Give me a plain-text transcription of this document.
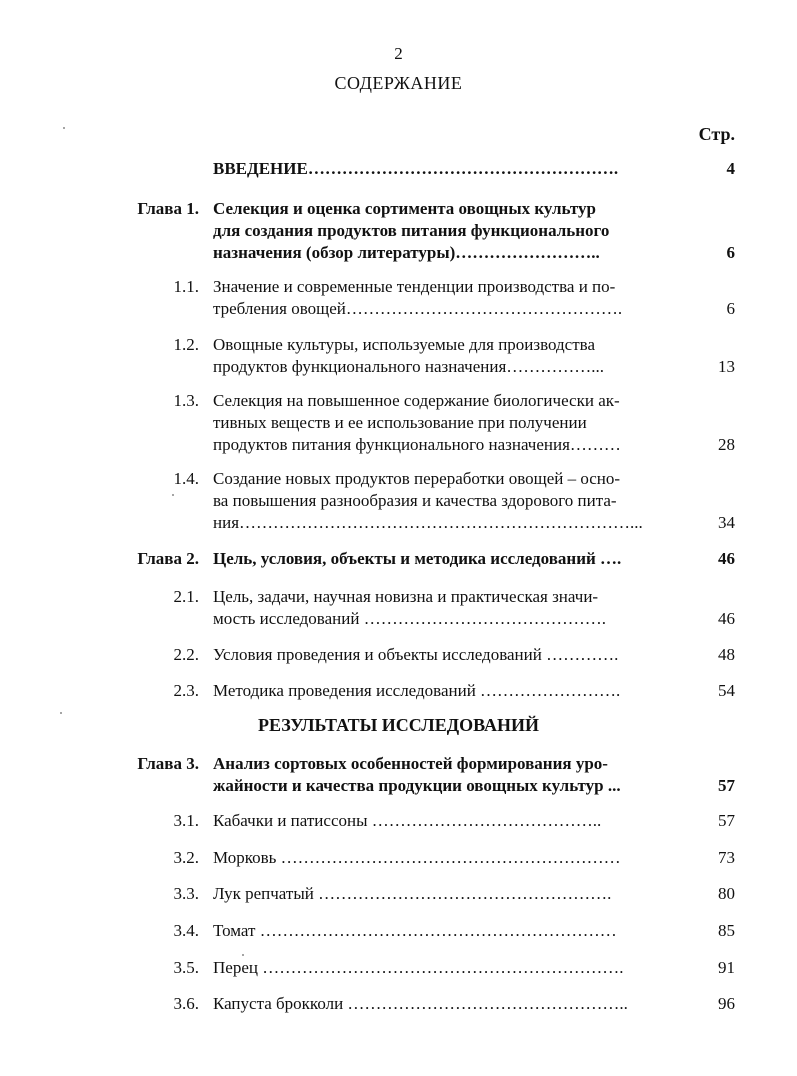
2
СОДЕРЖАНИЕ
Стр.
ВВЕДЕНИЕ……………………………………………….	4
Глава 1. Селекция и оценка сортимента овощных культур
для создания продуктов питания функционального
назначения (обзор литературы)……………………..	6
1.1. Значение и современные тенденции производства и по-
требления овощей………………………………………….	6
1.2. Овощные культуры, используемые для производства
продуктов функционального назначения……………...	13
1.3. Селекция на повышенное содержание биологически ак-
тивных веществ и ее использование при получении
продуктов питания функционального назначения………	28
1.4. Создание новых продуктов переработки овощей – осно-
ва повышения разнообразия и качества здорового пита-
ния……………………………………………………………...	34
Глава 2. Цель, условия, объекты и методика исследований ….	46
2.1. Цель, задачи, научная новизна и практическая значи-
мость исследований …………………………………….	46
2.2. Условия проведения и объекты исследований ………….	48
2.3. Методика проведения исследований …………………….	54
РЕЗУЛЬТАТЫ ИССЛЕДОВАНИЙ
Глава 3. Анализ сортовых особенностей формирования уро-
жайности и качества продукции овощных культур ...	57
3.1. Кабачки и патиссоны …………………………………..	57
3.2. Морковь ……………………………………………………	73
3.3. Лук репчатый …………………………………………….	80
3.4. Томат ………………………………………………………	85
3.5. Перец ……………………………………………………….	91
3.6. Капуста брокколи …………………………………………..	96
